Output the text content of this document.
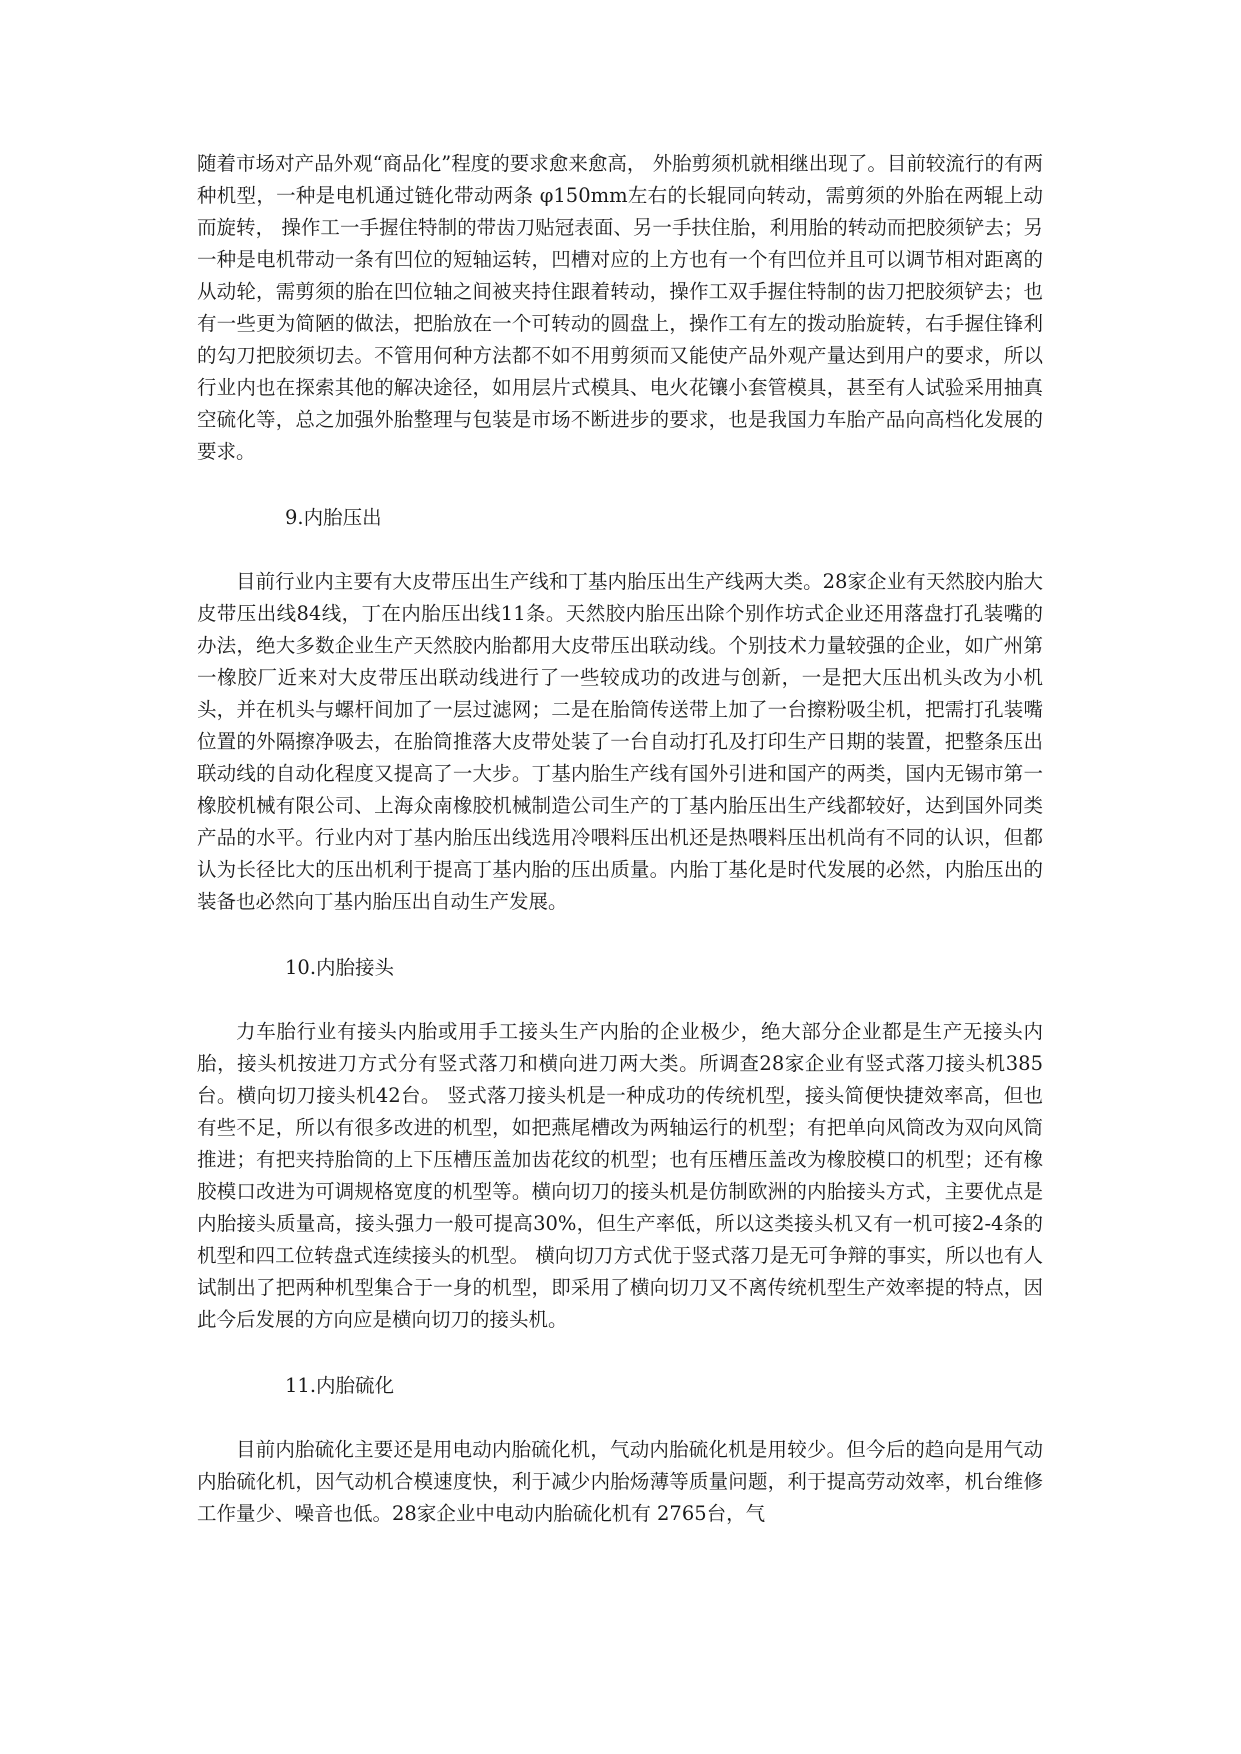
随着市场对产品外观“商品化”程度的要求愈来愈高， 外胎剪须机就相继出现了。目前较流行的有两种机型，一种是电机通过链化带动两条 φ150mm左右的长辊同向转动，需剪须的外胎在两辊上动而旋转， 操作工一手握住特制的带齿刀贴冠表面、另一手扶住胎，利用胎的转动而把胶须铲去；另一种是电机带动一条有凹位的短轴运转，凹槽对应的上方也有一个有凹位并且可以调节相对距离的从动轮，需剪须的胎在凹位轴之间被夹持住跟着转动，操作工双手握住特制的齿刀把胶须铲去；也有一些更为简陋的做法，把胎放在一个可转动的圆盘上，操作工有左的拨动胎旋转，右手握住锋利的勾刀把胶须切去。不管用何种方法都不如不用剪须而又能使产品外观产量达到用户的要求，所以行业内也在探索其他的解决途径，如用层片式模具、电火花镶小套管模具，甚至有人试验采用抽真空硫化等，总之加强外胎整理与包装是市场不断进步的要求，也是我国力车胎产品向高档化发展的要求。

9.内胎压出

目前行业内主要有大皮带压出生产线和丁基内胎压出生产线两大类。28家企业有天然胶内胎大皮带压出线84线，丁在内胎压出线11条。天然胶内胎压出除个别作坊式企业还用落盘打孔装嘴的办法，绝大多数企业生产天然胶内胎都用大皮带压出联动线。个别技术力量较强的企业，如广州第一橡胶厂近来对大皮带压出联动线进行了一些较成功的改进与创新，一是把大压出机头改为小机头，并在机头与螺杆间加了一层过滤网；二是在胎筒传送带上加了一台擦粉吸尘机，把需打孔装嘴位置的外隔擦净吸去，在胎筒推落大皮带处装了一台自动打孔及打印生产日期的装置，把整条压出联动线的自动化程度又提高了一大步。丁基内胎生产线有国外引进和国产的两类，国内无锡市第一橡胶机械有限公司、上海众南橡胶机械制造公司生产的丁基内胎压出生产线都较好，达到国外同类产品的水平。行业内对丁基内胎压出线选用冷喂料压出机还是热喂料压出机尚有不同的认识，但都认为长径比大的压出机利于提高丁基内胎的压出质量。内胎丁基化是时代发展的必然，内胎压出的装备也必然向丁基内胎压出自动生产发展。

10.内胎接头

力车胎行业有接头内胎或用手工接头生产内胎的企业极少，绝大部分企业都是生产无接头内胎，接头机按进刀方式分有竖式落刀和横向进刀两大类。所调查28家企业有竖式落刀接头机385台。横向切刀接头机42台。 竖式落刀接头机是一种成功的传统机型，接头简便快捷效率高，但也有些不足，所以有很多改进的机型，如把燕尾槽改为两轴运行的机型；有把单向风筒改为双向风筒推进；有把夹持胎筒的上下压槽压盖加齿花纹的机型；也有压槽压盖改为橡胶模口的机型；还有橡胶模口改进为可调规格宽度的机型等。横向切刀的接头机是仿制欧洲的内胎接头方式，主要优点是内胎接头质量高，接头强力一般可提高30%，但生产率低，所以这类接头机又有一机可接2-4条的机型和四工位转盘式连续接头的机型。 横向切刀方式优于竖式落刀是无可争辩的事实，所以也有人试制出了把两种机型集合于一身的机型，即采用了横向切刀又不离传统机型生产效率提的特点，因此今后发展的方向应是横向切刀的接头机。

11.内胎硫化

目前内胎硫化主要还是用电动内胎硫化机，气动内胎硫化机是用较少。但今后的趋向是用气动内胎硫化机，因气动机合模速度快，利于减少内胎炀薄等质量问题，利于提高劳动效率，机台维修工作量少、噪音也低。28家企业中电动内胎硫化机有 2765台，气
